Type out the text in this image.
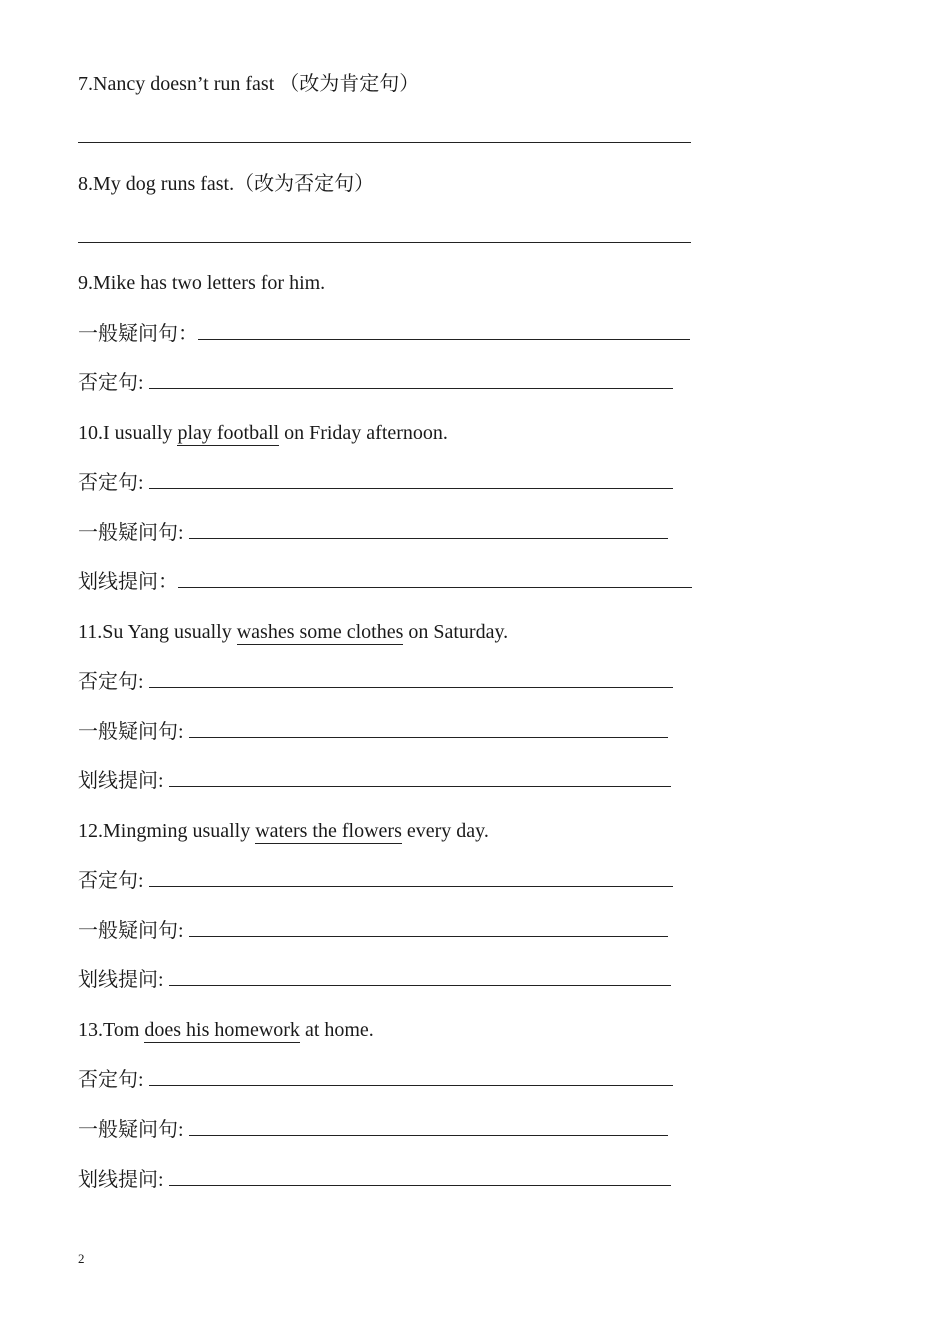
7.Nancy doesn’t run fast （改为肯定句）
8.My dog runs fast.（改为否定句）
9.Mike has two letters for him.
一般疑问句：
否定句:
10.I usually play football on Friday afternoon.
否定句:
一般疑问句:
划线提问：
11.Su Yang usually washes some clothes on Saturday.
否定句:
一般疑问句:
划线提问:
12.Mingming usually waters the flowers every day.
否定句:
一般疑问句:
划线提问:
13.Tom does his homework at home.
否定句:
一般疑问句:
划线提问:
2
